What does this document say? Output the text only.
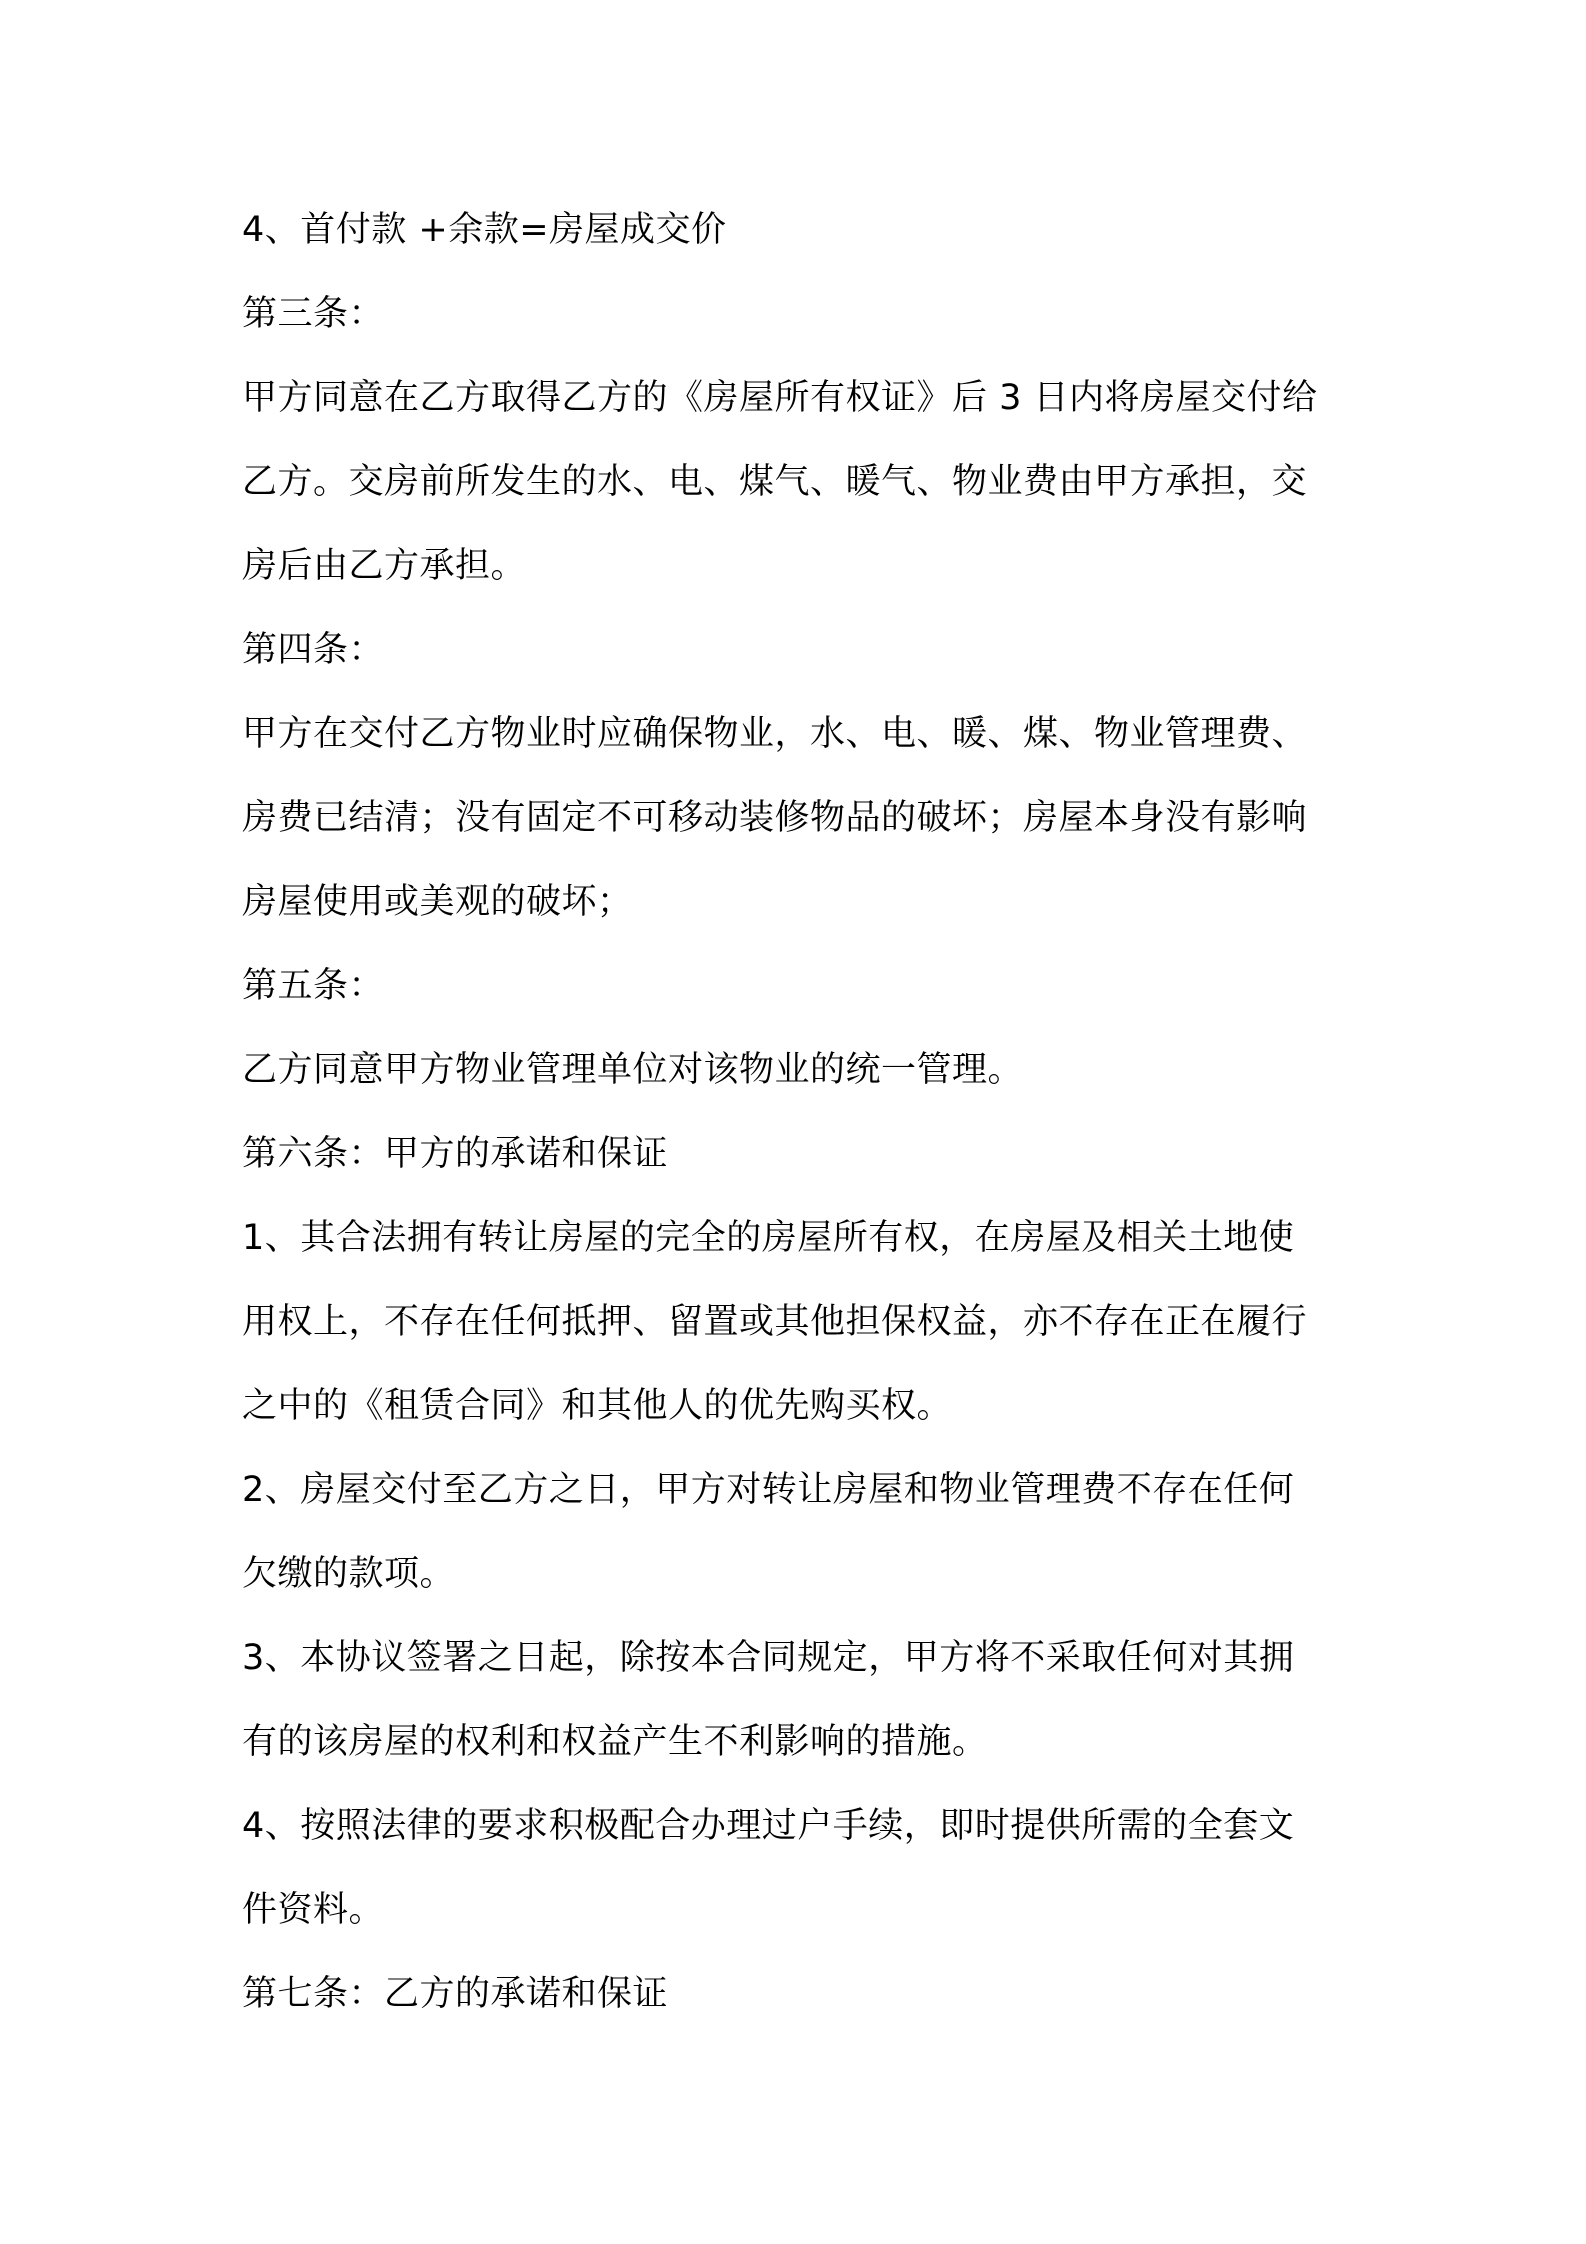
4、首付款 +余款=房屋成交价
第三条：
甲方同意在乙方取得乙方的《房屋所有权证》后 3 日内将房屋交付给
乙方。交房前所发生的水、电、煤气、暖气、物业费由甲方承担，交
房后由乙方承担。
第四条：
甲方在交付乙方物业时应确保物业，水、电、暖、煤、物业管理费、
房费已结清；没有固定不可移动装修物品的破坏；房屋本身没有影响
房屋使用或美观的破坏；
第五条：
乙方同意甲方物业管理单位对该物业的统一管理。
第六条：甲方的承诺和保证
1、其合法拥有转让房屋的完全的房屋所有权，在房屋及相关土地使
用权上，不存在任何抵押、留置或其他担保权益，亦不存在正在履行
之中的《租赁合同》和其他人的优先购买权。
2、房屋交付至乙方之日，甲方对转让房屋和物业管理费不存在任何
欠缴的款项。
3、本协议签署之日起，除按本合同规定，甲方将不采取任何对其拥
有的该房屋的权利和权益产生不利影响的措施。
4、按照法律的要求积极配合办理过户手续，即时提供所需的全套文
件资料。
第七条：乙方的承诺和保证
